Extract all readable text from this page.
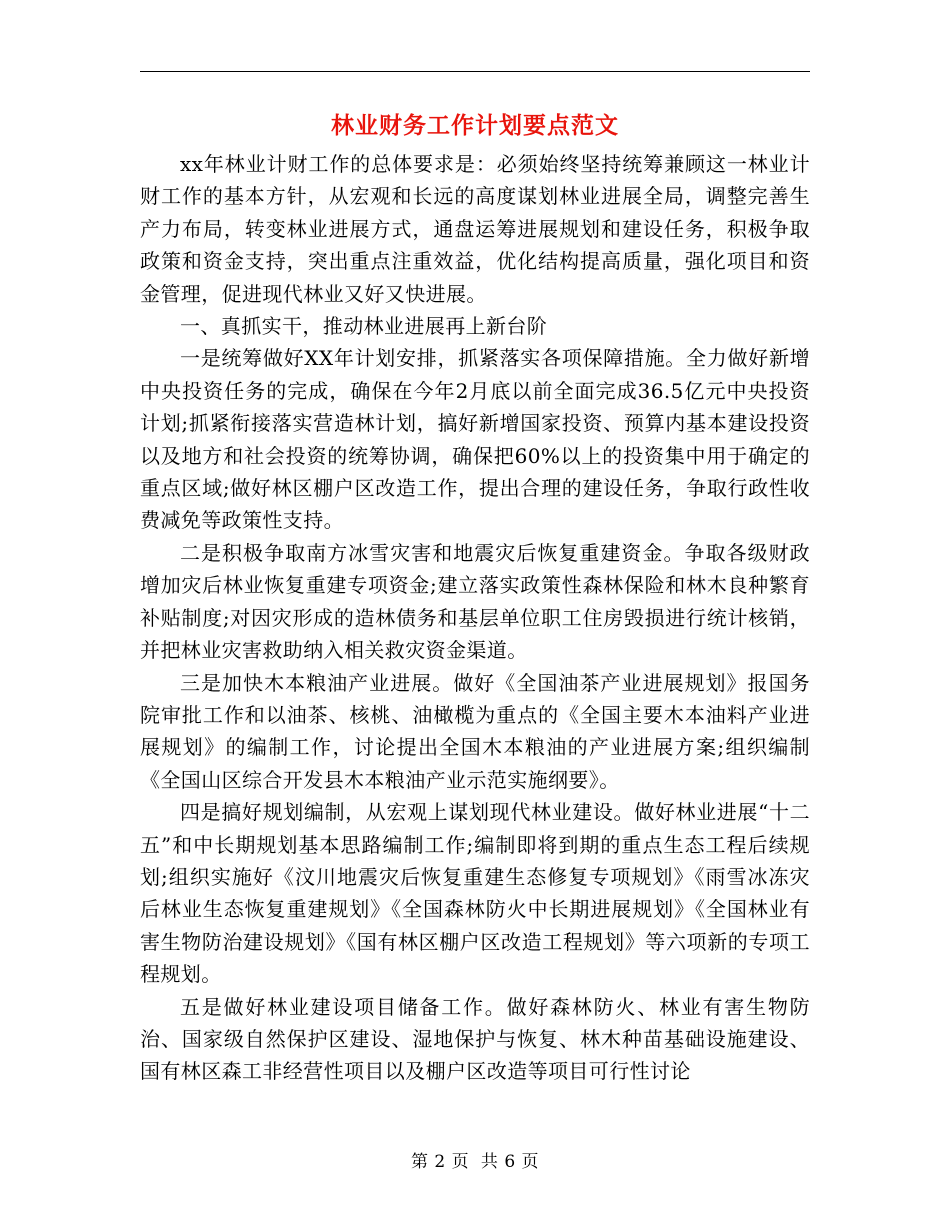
林业财务工作计划要点范文

xx年林业计财工作的总体要求是：必须始终坚持统筹兼顾这一林业计财工作的基本方针，从宏观和长远的高度谋划林业进展全局，调整完善生产力布局，转变林业进展方式，通盘运筹进展规划和建设任务，积极争取政策和资金支持，突出重点注重效益，优化结构提高质量，强化项目和资金管理，促进现代林业又好又快进展。

一、真抓实干，推动林业进展再上新台阶

一是统筹做好XX年计划安排，抓紧落实各项保障措施。全力做好新增中央投资任务的完成，确保在今年2月底以前全面完成36.5亿元中央投资计划;抓紧衔接落实营造林计划，搞好新增国家投资、预算内基本建设投资以及地方和社会投资的统筹协调，确保把60%以上的投资集中用于确定的重点区域;做好林区棚户区改造工作，提出合理的建设任务，争取行政性收费减免等政策性支持。

二是积极争取南方冰雪灾害和地震灾后恢复重建资金。争取各级财政增加灾后林业恢复重建专项资金;建立落实政策性森林保险和林木良种繁育补贴制度;对因灾形成的造林债务和基层单位职工住房毁损进行统计核销，并把林业灾害救助纳入相关救灾资金渠道。

三是加快木本粮油产业进展。做好《全国油茶产业进展规划》报国务院审批工作和以油茶、核桃、油橄榄为重点的《全国主要木本油料产业进展规划》的编制工作，讨论提出全国木本粮油的产业进展方案;组织编制《全国山区综合开发县木本粮油产业示范实施纲要》。

四是搞好规划编制，从宏观上谋划现代林业建设。做好林业进展“十二五”和中长期规划基本思路编制工作;编制即将到期的重点生态工程后续规划;组织实施好《汶川地震灾后恢复重建生态修复专项规划》《雨雪冰冻灾后林业生态恢复重建规划》《全国森林防火中长期进展规划》《全国林业有害生物防治建设规划》《国有林区棚户区改造工程规划》等六项新的专项工程规划。

五是做好林业建设项目储备工作。做好森林防火、林业有害生物防治、国家级自然保护区建设、湿地保护与恢复、林木种苗基础设施建设、国有林区森工非经营性项目以及棚户区改造等项目可行性讨论

第 2 页  共 6 页
